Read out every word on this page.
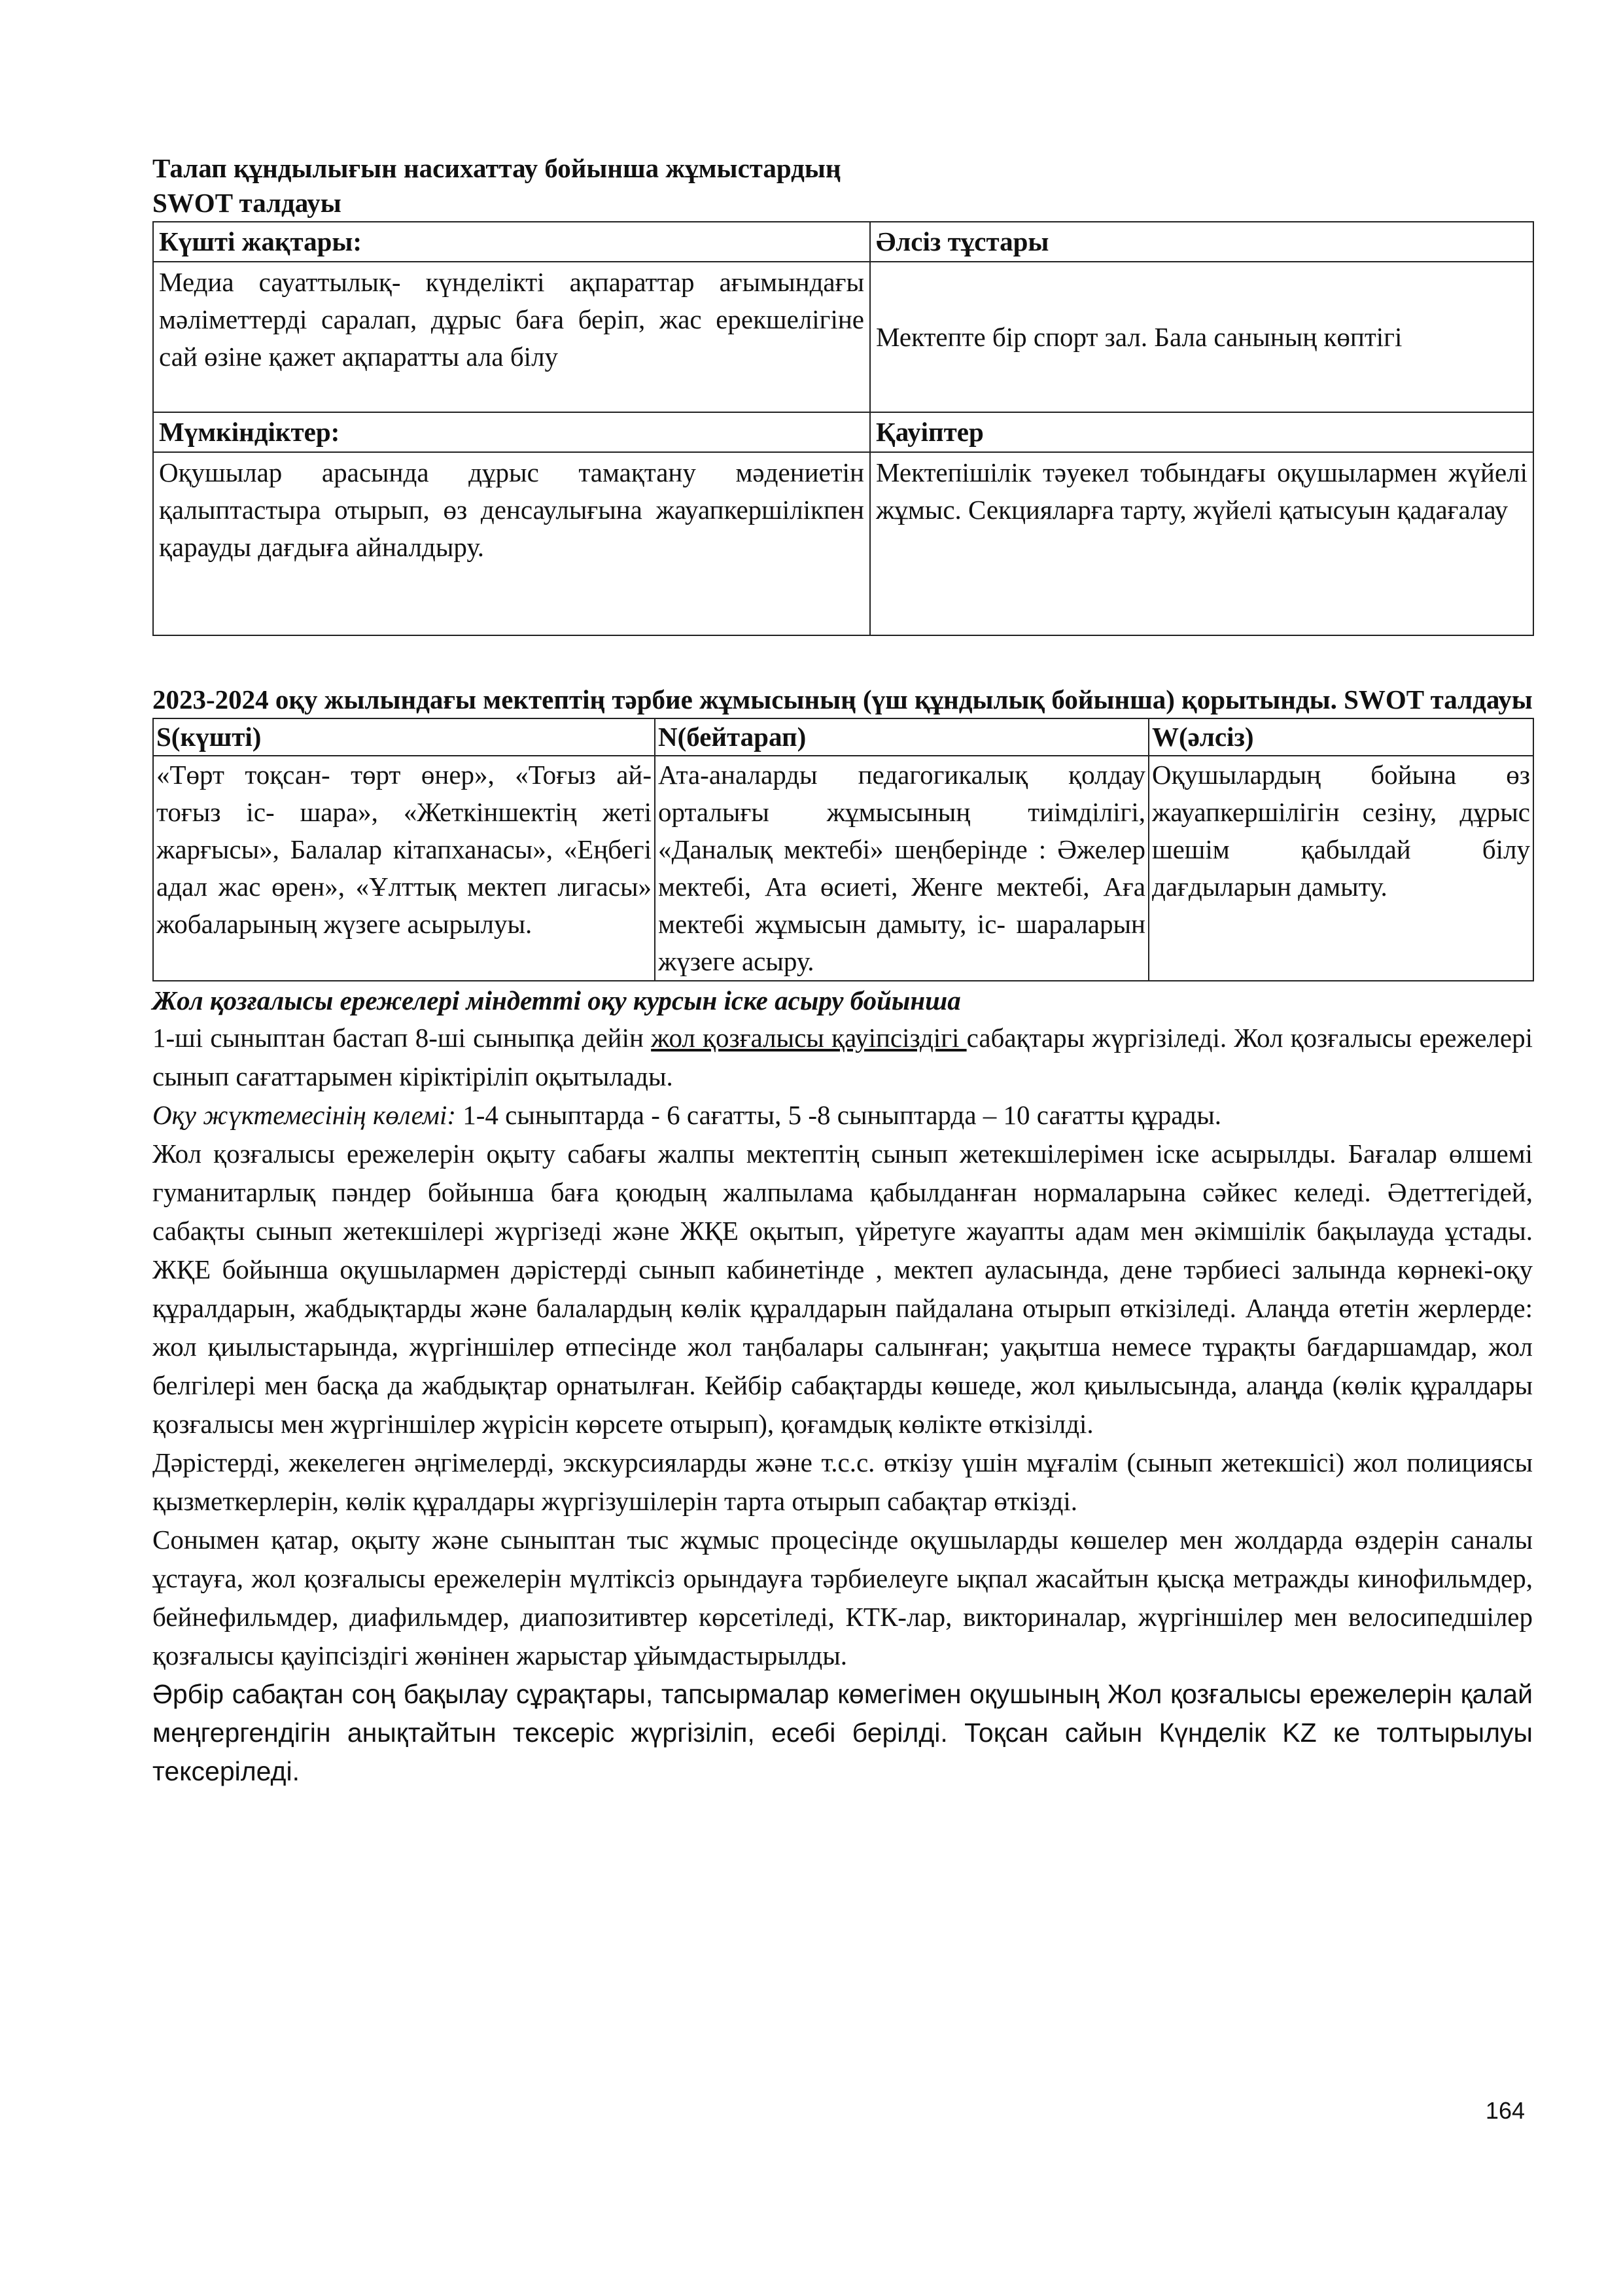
Талап құндылығын насихаттау бойынша жұмыстардың

SWOT талдауы

Күшті жақтары:	Әлсіз тұстары
Медиа сауаттылық- күнделікті ақпараттар ағымындағы мәліметтерді саралап, дұрыс баға беріп, жас ерекшелігіне сай өзіне қажет ақпаратты ала білу	Мектепте бір спорт зал. Бала санының көптігі
Мүмкіндіктер:	Қауіптер
Оқушылар арасында дұрыс тамақтану мәдениетін қалыптастыра отырып, өз денсаулығына жауапкершілікпен қарауды дағдыға айналдыру.	Мектепішілік тәуекел тобындағы оқушылармен жүйелі жұмыс. Секцияларға тарту, жүйелі қатысуын қадағалау

2023-2024 оқу жылындағы мектептің тәрбие жұмысының (үш құндылық бойынша) қорытынды. SWOT талдауы

S(күшті)	N(бейтарап)	W(әлсіз)
«Төрт тоқсан- төрт өнер», «Тоғыз ай- тоғыз іс- шара», «Жеткіншектің жеті жарғысы», Балалар кітапханасы», «Еңбегі адал жас өрен», «Ұлттық мектеп лигасы» жобаларының жүзеге асырылуы.	Ата-аналарды педагогикалық қолдау орталығы жұмысының тиімділігі, «Даналық мектебі» шеңберінде : Әжелер мектебі, Ата өсиеті, Женге мектебі, Аға мектебі жұмысын дамыту, іс- шараларын жүзеге асыру.	Оқушылардың бойына өз жауапкершілігін сезіну, дұрыс шешім қабылдай білу дағдыларын дамыту.

Жол қозғалысы ережелері міндетті оқу курсын іске асыру бойынша

1-ші сыныптан бастап 8-ші сыныпқа дейін жол қозғалысы қауіпсіздігі сабақтары жүргізіледі. Жол қозғалысы ережелері сынып сағаттарымен кірiктiрiлiп оқытылады.

Оқу жүктемесінің көлемі: 1-4 сыныптарда - 6 сағатты, 5 -8 сыныптарда – 10 сағатты құрады.

Жол қозғалысы ережелерін оқыту сабағы жалпы мектептің сынып жетекшілерімен іске асырылды. Бағалар өлшемі гуманитарлық пәндер бойынша баға қоюдың жалпылама қабылданған нормаларына сәйкес келеді. Әдеттегідей, сабақты сынып жетекшілері жүргізеді және ЖҚЕ оқытып, үйретуге жауапты адам мен әкімшілік бақылауда ұстады. ЖҚЕ бойынша оқушылармен дәрістерді сынып кабинетінде , мектеп ауласында, дене тәрбиесі залында көрнекі-оқу құралдарын, жабдықтарды және балалардың көлік құралдарын пайдалана отырып өткізіледі. Алаңда өтетін жерлерде: жол қиылыстарында, жүргіншілер өтпесінде жол таңбалары салынған; уақытша немесе тұрақты бағдаршамдар, жол белгілері мен басқа да жабдықтар орнатылған. Кейбір сабақтарды көшеде, жол қиылысында, алаңда (көлік құралдары қозғалысы мен жүргіншілер жүрісін көрсете отырып), қоғамдық көлікте өткізілді.

Дәрістерді, жекелеген әңгімелерді, экскурсияларды және т.с.с. өткізу үшін мұғалім (сынып жетекшісі) жол полициясы қызметкерлерін, көлік құралдары жүргізушілерін тарта отырып сабақтар өткізді.

Сонымен қатар, оқыту және сыныптан тыс жұмыс процесінде оқушыларды көшелер мен жолдарда өздерін саналы ұстауға, жол қозғалысы ережелерін мүлтіксіз орындауға тәрбиелеуге ықпал жасайтын қысқа метражды кинофильмдер, бейнефильмдер, диафильмдер, диапозитивтер көрсетіледі, КТК-лар, викториналар, жүргіншілер мен велосипедшілер қозғалысы қауіпсіздігі жөнінен жарыстар ұйымдастырылды.

Әрбір сабақтан соң бақылау сұрақтары, тапсырмалар көмегімен оқушының Жол қозғалысы ережелерін қалай меңгергендігін анықтайтын тексеріс жүргізіліп, есебі берілді. Тоқсан сайын Күнделік KZ ке толтырылуы тексеріледі.

164
